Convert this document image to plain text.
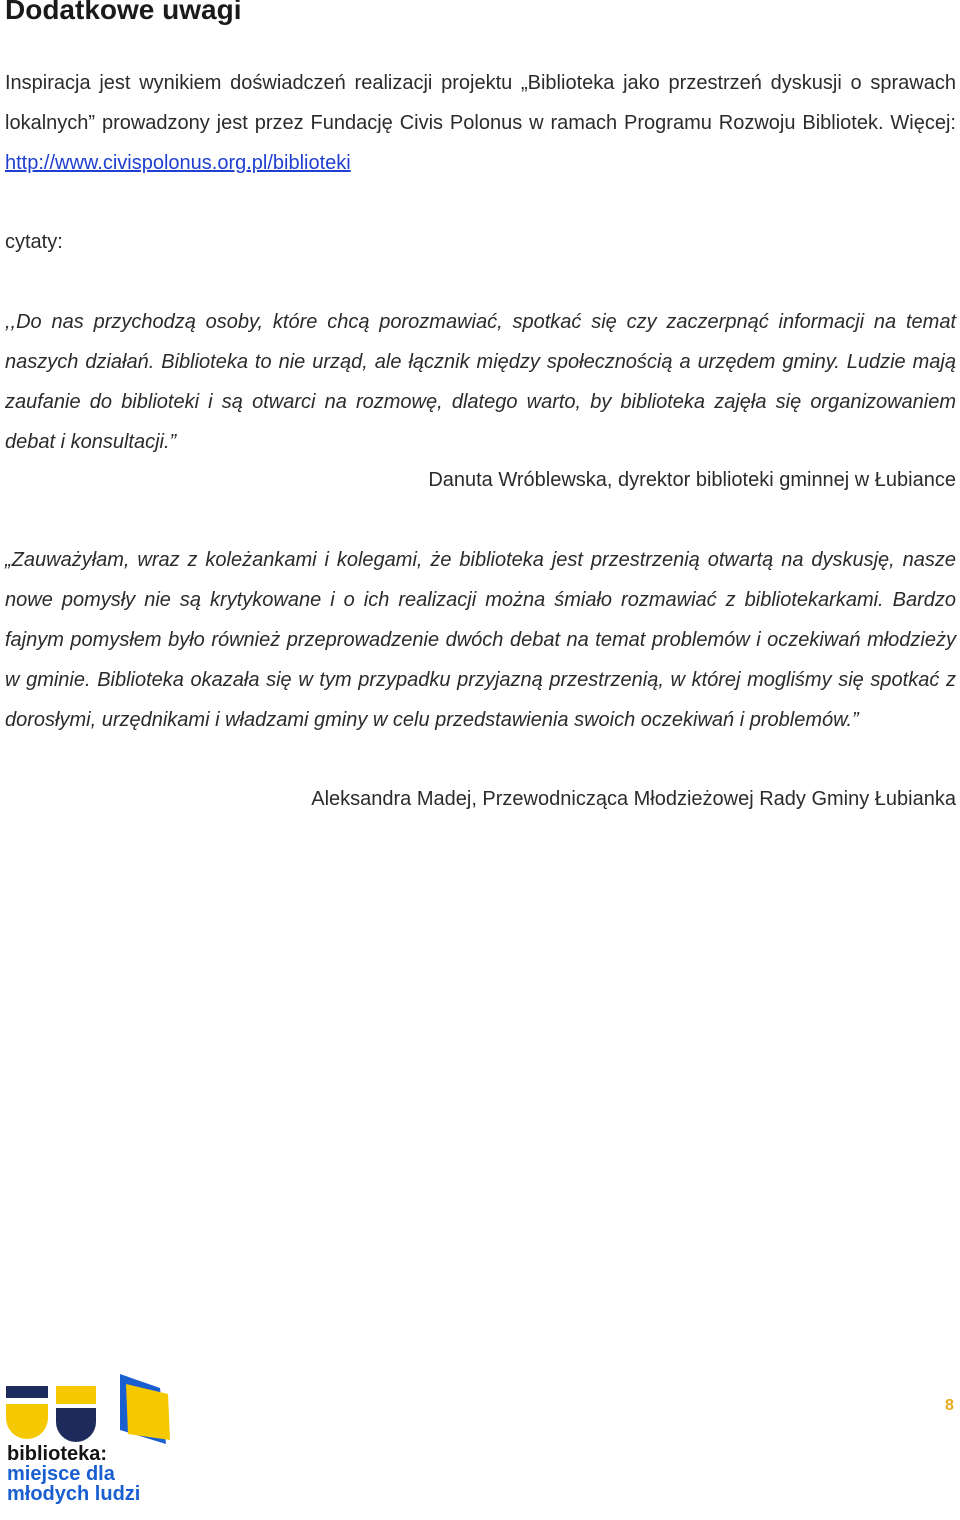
Dodatkowe uwagi

Inspiracja jest wynikiem doświadczeń realizacji projektu „Biblioteka jako przestrzeń dyskusji o sprawach lokalnych” prowadzony jest przez Fundację Civis Polonus w ramach Programu Rozwoju Bibliotek. Więcej: http://www.civispolonus.org.pl/biblioteki

cytaty:

,,Do nas przychodzą osoby, które chcą porozmawiać, spotkać się czy zaczerpnąć informacji na temat naszych działań. Biblioteka to nie urząd, ale łącznik między społecznością a urzędem gminy. Ludzie mają zaufanie do biblioteki i są otwarci na rozmowę, dlatego warto, by biblioteka zajęła się organizowaniem debat i konsultacji.”

Danuta Wróblewska, dyrektor biblioteki gminnej w Łubiance

„Zauważyłam, wraz z koleżankami i kolegami, że biblioteka jest przestrzenią otwartą na dyskusję, nasze nowe pomysły nie są krytykowane i o ich realizacji można śmiało rozmawiać z bibliotekarkami. Bardzo fajnym pomysłem było również przeprowadzenie dwóch debat na temat problemów i oczekiwań młodzieży w gminie. Biblioteka okazała się w tym przypadku przyjazną przestrzenią, w której mogliśmy się spotkać z dorosłymi, urzędnikami i władzami gminy w celu przedstawienia swoich oczekiwań i problemów.”

Aleksandra Madej, Przewodnicząca Młodzieżowej Rady Gminy Łubianka
biblioteka:
miejsce dla
młodych ludzi
8
